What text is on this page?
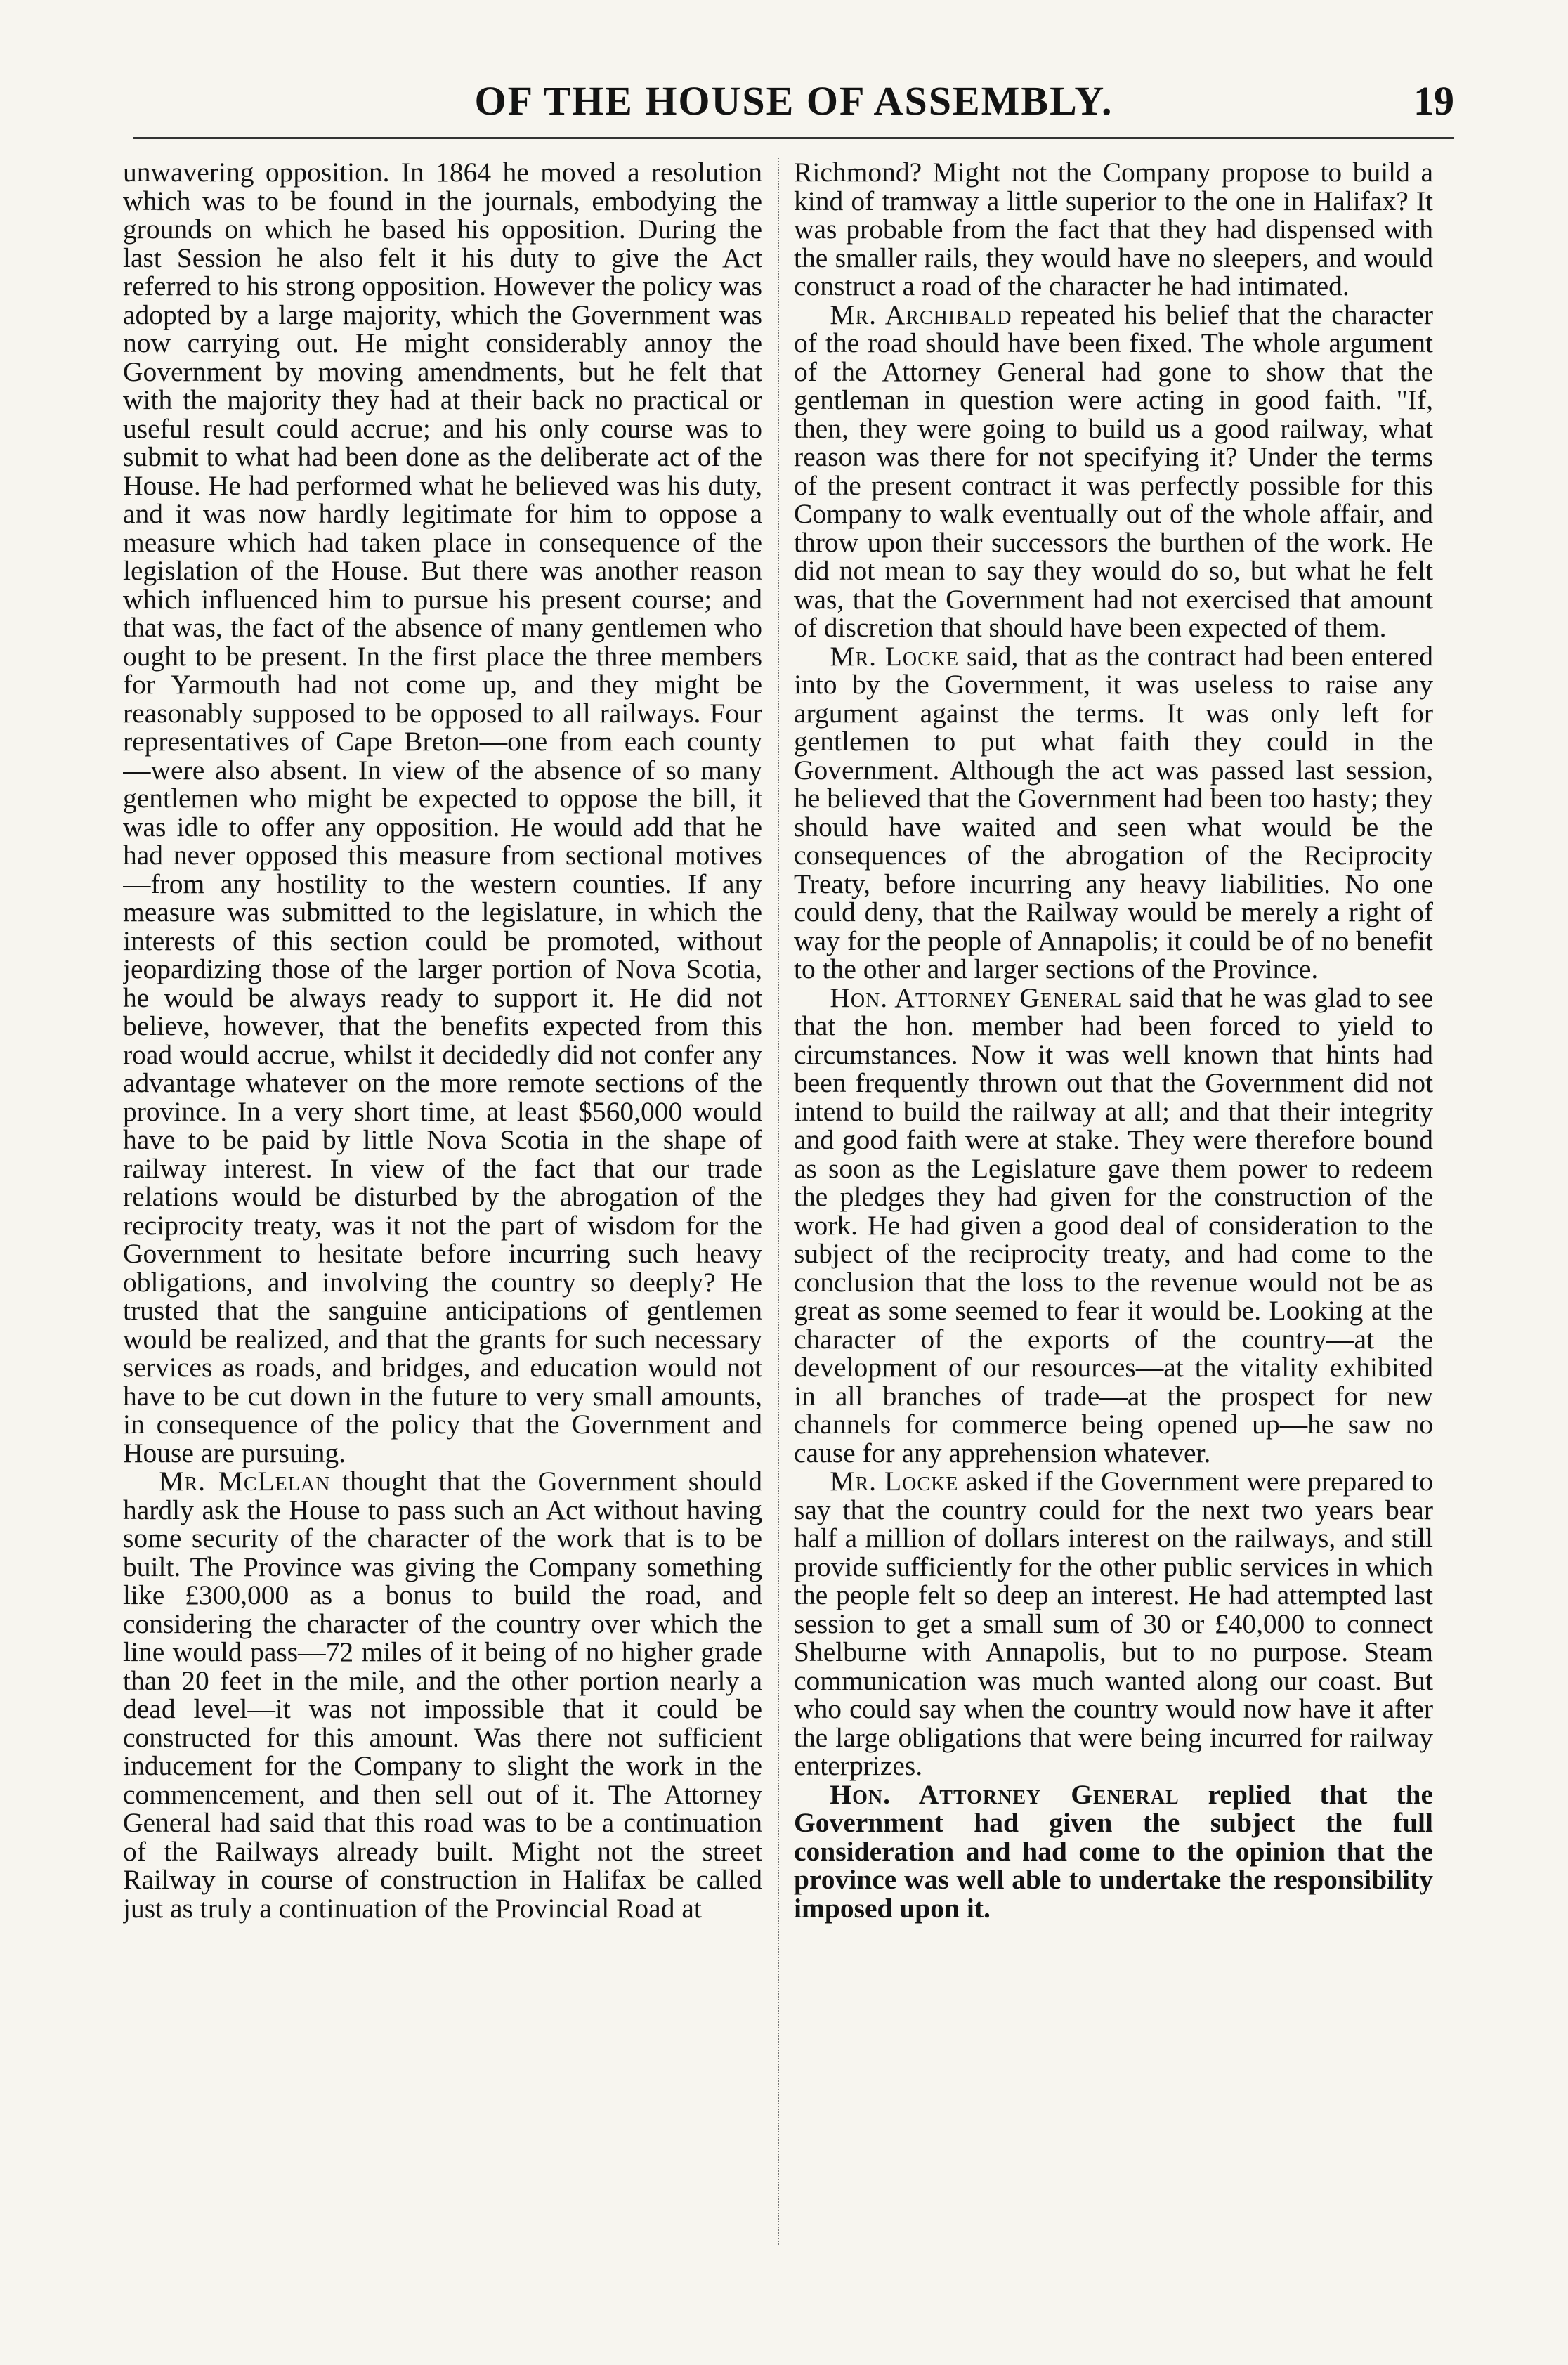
OF THE HOUSE OF ASSEMBLY.	19

unwavering opposition. In 1864 he moved a resolution which was to be found in the journals, embodying the grounds on which he based his opposition. During the last Session he also felt it his duty to give the Act referred to his strong opposition. However the policy was adopted by a large majority, which the Government was now carrying out. He might considerably annoy the Government by moving amendments, but he felt that with the majority they had at their back no practical or useful result could accrue; and his only course was to submit to what had been done as the deliberate act of the House. He had performed what he believed was his duty, and it was now hardly legitimate for him to oppose a measure which had taken place in consequence of the legislation of the House. But there was another reason which influenced him to pursue his present course; and that was, the fact of the absence of many gentlemen who ought to be present. In the first place the three members for Yarmouth had not come up, and they might be reasonably supposed to be opposed to all railways. Four representatives of Cape Breton—one from each county—were also absent. In view of the absence of so many gentlemen who might be expected to oppose the bill, it was idle to offer any opposition. He would add that he had never opposed this measure from sectional motives—from any hostility to the western counties. If any measure was submitted to the legislature, in which the interests of this section could be promoted, without jeopardizing those of the larger portion of Nova Scotia, he would be always ready to support it. He did not believe, however, that the benefits expected from this road would accrue, whilst it decidedly did not confer any advantage whatever on the more remote sections of the province. In a very short time, at least $560,000 would have to be paid by little Nova Scotia in the shape of railway interest. In view of the fact that our trade relations would be disturbed by the abrogation of the reciprocity treaty, was it not the part of wisdom for the Government to hesitate before incurring such heavy obligations, and involving the country so deeply? He trusted that the sanguine anticipations of gentlemen would be realized, and that the grants for such necessary services as roads, and bridges, and education would not have to be cut down in the future to very small amounts, in consequence of the policy that the Government and House are pursuing.

Mr. McLelan thought that the Government should hardly ask the House to pass such an Act without having some security of the character of the work that is to be built. The Province was giving the Company something like £300,000 as a bonus to build the road, and considering the character of the country over which the line would pass—72 miles of it being of no higher grade than 20 feet in the mile, and the other portion nearly a dead level—it was not impossible that it could be constructed for this amount. Was there not sufficient inducement for the Company to slight the work in the commencement, and then sell out of it. The Attorney General had said that this road was to be a continuation of the Railways already built. Might not the street Railway in course of construction in Halifax be called just as truly a continuation of the Provincial Road at

Richmond? Might not the Company propose to build a kind of tramway a little superior to the one in Halifax? It was probable from the fact that they had dispensed with the smaller rails, they would have no sleepers, and would construct a road of the character he had intimated.

Mr. Archibald repeated his belief that the character of the road should have been fixed. The whole argument of the Attorney General had gone to show that the gentleman in question were acting in good faith. "If, then, they were going to build us a good railway, what reason was there for not specifying it? Under the terms of the present contract it was perfectly possible for this Company to walk eventually out of the whole affair, and throw upon their successors the burthen of the work. He did not mean to say they would do so, but what he felt was, that the Government had not exercised that amount of discretion that should have been expected of them.

Mr. Locke said, that as the contract had been entered into by the Government, it was useless to raise any argument against the terms. It was only left for gentlemen to put what faith they could in the Government. Although the act was passed last session, he believed that the Government had been too hasty; they should have waited and seen what would be the consequences of the abrogation of the Reciprocity Treaty, before incurring any heavy liabilities. No one could deny, that the Railway would be merely a right of way for the people of Annapolis; it could be of no benefit to the other and larger sections of the Province.

Hon. Attorney General said that he was glad to see that the hon. member had been forced to yield to circumstances. Now it was well known that hints had been frequently thrown out that the Government did not intend to build the railway at all; and that their integrity and good faith were at stake. They were therefore bound as soon as the Legislature gave them power to redeem the pledges they had given for the construction of the work. He had given a good deal of consideration to the subject of the reciprocity treaty, and had come to the conclusion that the loss to the revenue would not be as great as some seemed to fear it would be. Looking at the character of the exports of the country—at the development of our resources—at the vitality exhibited in all branches of trade—at the prospect for new channels for commerce being opened up—he saw no cause for any apprehension whatever.

Mr. Locke asked if the Government were prepared to say that the country could for the next two years bear half a million of dollars interest on the railways, and still provide sufficiently for the other public services in which the people felt so deep an interest. He had attempted last session to get a small sum of 30 or £40,000 to connect Shelburne with Annapolis, but to no purpose. Steam communication was much wanted along our coast. But who could say when the country would now have it after the large obligations that were being incurred for railway enterprizes.

Hon. Attorney General replied that the Government had given the subject the full consideration and had come to the opinion that the province was well able to undertake the responsibility imposed upon it.
